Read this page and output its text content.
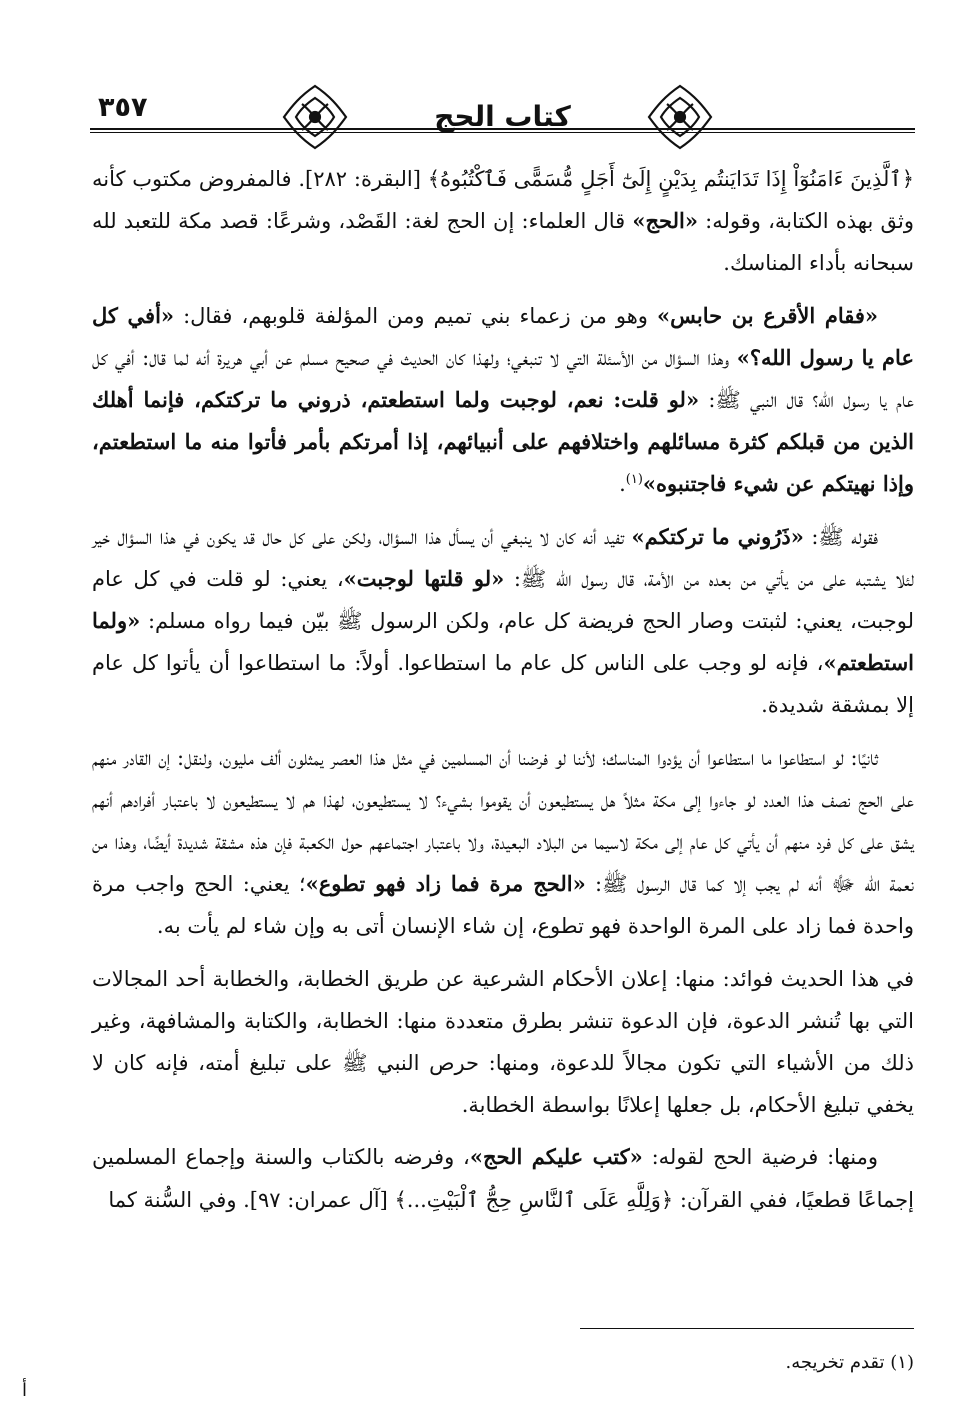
٣٥٧	كتاب الحج

﴿ٱلَّذِينَ ءَامَنُوٓاْ إِذَا تَدَايَنتُم بِدَيْنٍ إِلَىٰٓ أَجَلٍ مُّسَمًّى فَٱكْتُبُوهُ﴾ [البقرة: ٢٨٢]. فالمفروض مكتوب كأنه وثق بهذه الكتابة، وقوله: «الحج» قال العلماء: إن الحج لغة: القَصْد، وشرعًا: قصد مكة للتعبد لله سبحانه بأداء المناسك.

«فقام الأقرع بن حابس» وهو من زعماء بني تميم ومن المؤلفة قلوبهم، فقال: «أفي كل عام يا رسول الله؟» وهذا السؤال من الأسئلة التي لا تنبغي؛ ولهذا كان الحديث في صحيح مسلم عن أبي هريرة أنه لما قال: أفي كل عام يا رسول الله؟ قال النبي ﷺ: «لو قلت: نعم، لوجبت ولما استطعتم، ذروني ما تركتكم، فإنما أهلك الذين من قبلكم كثرة مسائلهم واختلافهم على أنبيائهم، إذا أمرتكم بأمر فأتوا منه ما استطعتم، وإذا نهيتكم عن شيء فاجتنبوه»$^{(١)}$.

فقوله ﷺ: «ذَرُوني ما تركتكم» تفيد أنه كان لا ينبغي أن يسأل هذا السؤال، ولكن على كل حال قد يكون في هذا السؤال خير لئلا يشتبه على من يأتي من بعده من الأمة، قال رسول الله ﷺ: «لو قلتها لوجبت»، يعني: لو قلت في كل عام لوجبت، يعني: لثبتت وصار الحج فريضة كل عام، ولكن الرسول ﷺ بيّن فيما رواه مسلم: «ولما استطعتم»، فإنه لو وجب على الناس كل عام ما استطاعوا. أولاً: ما استطاعوا أن يأتوا كل عام إلا بمشقة شديدة.

ثانيًا: لو استطاعوا ما استطاعوا أن يؤدوا المناسك؛ لأننا لو فرضنا أن المسلمين في مثل هذا العصر يمثلون ألف مليون، ولنقل: إن القادر منهم على الحج نصف هذا العدد لو جاءوا إلى مكة مثلاً هل يستطيعون أن يقوموا بشيء؟ لا يستطيعون، لهذا هم لا يستطيعون لا باعتبار أفرادهم أنهم يشق على كل فرد منهم أن يأتي كل عام إلى مكة لاسيما من البلاد البعيدة، ولا باعتبار اجتماعهم حول الكعبة فإن هذه مشقة شديدة أيضًا، وهذا من نعمة الله ﷻ أنه لم يجب إلا كما قال الرسول ﷺ: «الحج مرة فما زاد فهو تطوع»؛ يعني: الحج واجب مرة واحدة فما زاد على المرة الواحدة فهو تطوع، إن شاء الإنسان أتى به وإن شاء لم يأت به.

في هذا الحديث فوائد: منها: إعلان الأحكام الشرعية عن طريق الخطابة، والخطابة أحد المجالات التي بها تُنشر الدعوة، فإن الدعوة تنشر بطرق متعددة منها: الخطابة، والكتابة والمشافهة، وغير ذلك من الأشياء التي تكون مجالاً للدعوة، ومنها: حرص النبي ﷺ على تبليغ أمته، فإنه كان لا يخفي تبليغ الأحكام، بل جعلها إعلانًا بواسطة الخطابة.

ومنها: فرضية الحج لقوله: «كتب عليكم الحج»، وفرضه بالكتاب والسنة وإجماع المسلمين إجماعًا قطعيًا، ففي القرآن: ﴿وَلِلَّهِ عَلَى ٱلنَّاسِ حِجُّ ٱلْبَيْتِ...﴾ [آل عمران: ٩٧]. وفي السُّنة كما

(١) تقدم تخريجه.
أ
